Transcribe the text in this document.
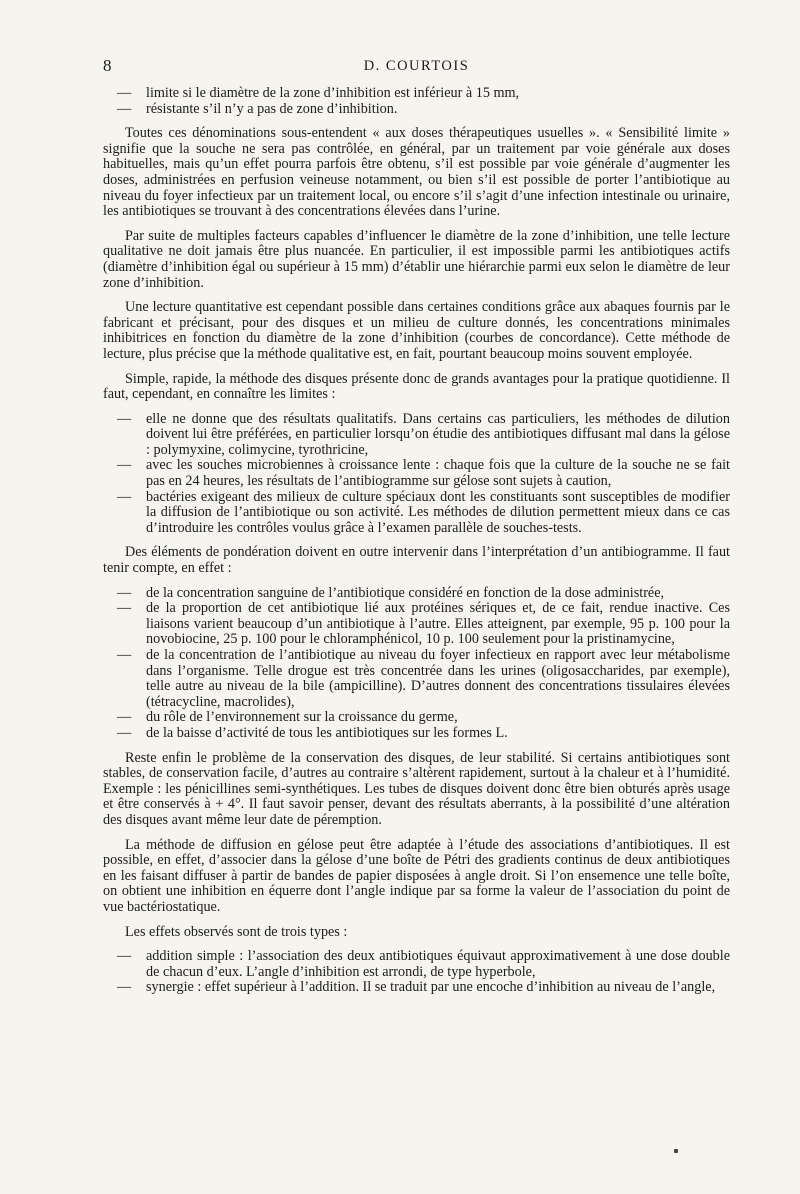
8	D. COURTOIS
— limite si le diamètre de la zone d’inhibition est inférieur à 15 mm,
— résistante s’il n’y a pas de zone d’inhibition.

Toutes ces dénominations sous-entendent « aux doses thérapeutiques usuelles ». « Sensibilité limite » signifie que la souche ne sera pas contrôlée, en général, par un traitement par voie générale aux doses habituelles, mais qu’un effet pourra parfois être obtenu, s’il est possible par voie générale d’augmenter les doses, administrées en perfusion veineuse notamment, ou bien s’il est possible de porter l’antibiotique au niveau du foyer infectieux par un traitement local, ou encore s’il s’agit d’une infection intestinale ou urinaire, les antibiotiques se trouvant à des concentrations élevées dans l’urine.

Par suite de multiples facteurs capables d’influencer le diamètre de la zone d’inhibition, une telle lecture qualitative ne doit jamais être plus nuancée. En particulier, il est impossible parmi les antibiotiques actifs (diamètre d’inhibition égal ou supérieur à 15 mm) d’établir une hiérarchie parmi eux selon le diamètre de leur zone d’inhibition.

Une lecture quantitative est cependant possible dans certaines conditions grâce aux abaques fournis par le fabricant et précisant, pour des disques et un milieu de culture donnés, les concentrations minimales inhibitrices en fonction du diamètre de la zone d’inhibition (courbes de concordance). Cette méthode de lecture, plus précise que la méthode qualitative est, en fait, pourtant beaucoup moins souvent employée.

Simple, rapide, la méthode des disques présente donc de grands avantages pour la pratique quotidienne. Il faut, cependant, en connaître les limites :

— elle ne donne que des résultats qualitatifs. Dans certains cas particuliers, les méthodes de dilution doivent lui être préférées, en particulier lorsqu’on étudie des antibiotiques diffusant mal dans la gélose : polymyxine, colimycine, tyrothricine,
— avec les souches microbiennes à croissance lente : chaque fois que la culture de la souche ne se fait pas en 24 heures, les résultats de l’antibiogramme sur gélose sont sujets à caution,
— bactéries exigeant des milieux de culture spéciaux dont les constituants sont susceptibles de modifier la diffusion de l’antibiotique ou son activité. Les méthodes de dilution permettent mieux dans ce cas d’introduire les contrôles voulus grâce à l’examen parallèle de souches-tests.

Des éléments de pondération doivent en outre intervenir dans l’interprétation d’un antibiogramme. Il faut tenir compte, en effet :

— de la concentration sanguine de l’antibiotique considéré en fonction de la dose administrée,
— de la proportion de cet antibiotique lié aux protéines sériques et, de ce fait, rendue inactive. Ces liaisons varient beaucoup d’un antibiotique à l’autre. Elles atteignent, par exemple, 95 p. 100 pour la novobiocine, 25 p. 100 pour le chloramphénicol, 10 p. 100 seulement pour la pristinamycine,
— de la concentration de l’antibiotique au niveau du foyer infectieux en rapport avec leur métabolisme dans l’organisme. Telle drogue est très concentrée dans les urines (oligosaccharides, par exemple), telle autre au niveau de la bile (ampicilline). D’autres donnent des concentrations tissulaires élevées (tétracycline, macrolides),
— du rôle de l’environnement sur la croissance du germe,
— de la baisse d’activité de tous les antibiotiques sur les formes L.

Reste enfin le problème de la conservation des disques, de leur stabilité. Si certains antibiotiques sont stables, de conservation facile, d’autres au contraire s’altèrent rapidement, surtout à la chaleur et à l’humidité. Exemple : les pénicillines semi-synthétiques. Les tubes de disques doivent donc être bien obturés après usage et être conservés à + 4°. Il faut savoir penser, devant des résultats aberrants, à la possibilité d’une altération des disques avant même leur date de péremption.

La méthode de diffusion en gélose peut être adaptée à l’étude des associations d’antibiotiques. Il est possible, en effet, d’associer dans la gélose d’une boîte de Pétri des gradients continus de deux antibiotiques en les faisant diffuser à partir de bandes de papier disposées à angle droit. Si l’on ensemence une telle boîte, on obtient une inhibition en équerre dont l’angle indique par sa forme la valeur de l’association du point de vue bactériostatique.

Les effets observés sont de trois types :

— addition simple : l’association des deux antibiotiques équivaut approximativement à une dose double de chacun d’eux. L’angle d’inhibition est arrondi, de type hyperbole,
— synergie : effet supérieur à l’addition. Il se traduit par une encoche d’inhibition au niveau de l’angle,
